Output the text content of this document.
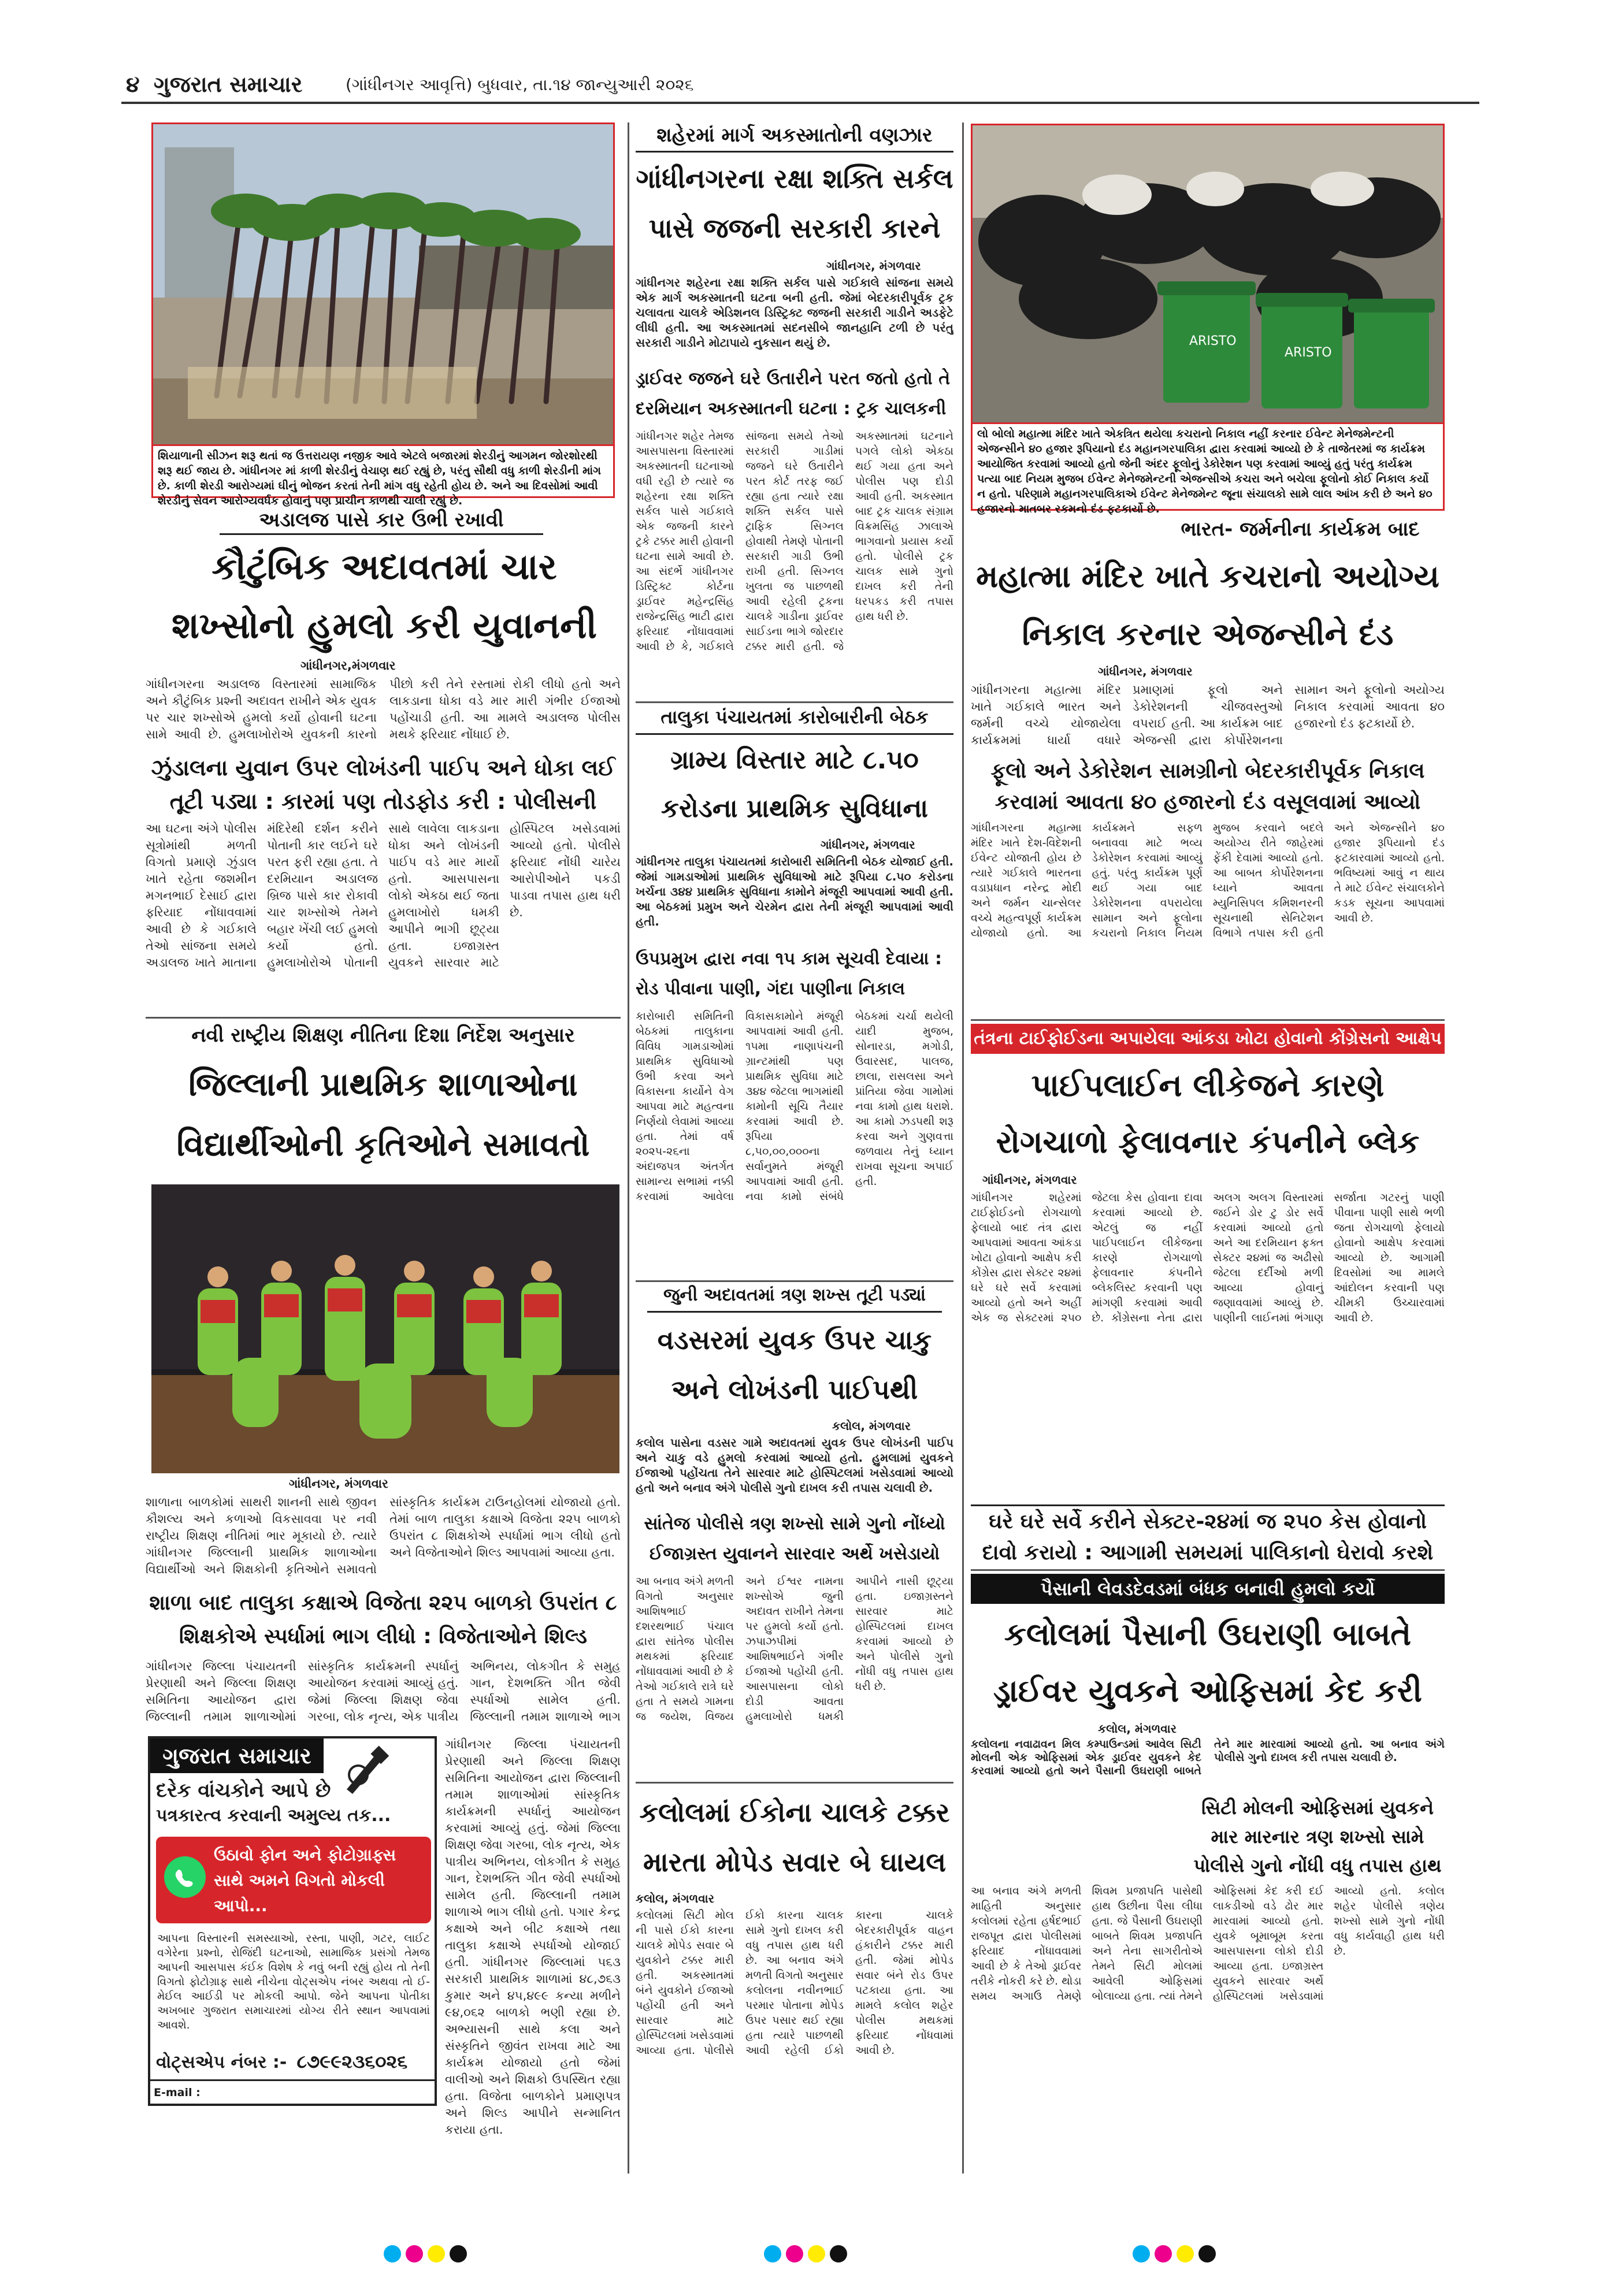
૪ ગુજરાત સમાચાર	(ગાંધીનગર આવૃત્તિ) બુધવાર, તા.૧૪ જાન્યુઆરી ૨૦૨૬
શિયાળાની સીઝન શરૂ થતાં જ ઉત્તરાયણ નજીક આવે એટલે બજારમાં શેરડીનું આગમન જોરશોરથી શરૂ થઈ જાય છે. ગાંધીનગર માં કાળી શેરડીનું વેચાણ થઈ રહ્યું છે, પરંતુ સૌથી વધુ કાળી શેરડીની માંગ છે. કાળી શેરડી આરોગ્યમાં ઘીનું ભોજન કરતાં તેની માંગ વધુ રહેતી હોય છે. અને આ દિવસોમાં આવી શેરડીનું સેવન આરોગ્યવર્ધક હોવાનું પણ પ્રાચીન કાળથી ચાલી રહ્યું છે.
અડાલજ પાસે કાર ઉભી રખાવી
કૌટુંબિક અદાવતમાં ચાર શખ્સોનો હુમલો કરી યુવાનની
ગાંધીનગર,મંગળવાર
ગાંધીનગરના અડાલજ વિસ્તારમાં સામાજિક અને કૌટુંબિક પ્રશ્ની અદાવત રાખીને એક યુવક પર ચાર શખ્સોએ હુમલો કર્યો હોવાની ઘટના સામે આવી છે. હુમલાખોરોએ યુવકની કારનો પીછો કરી તેને રસ્તામાં રોકી લીધો હતો અને લાકડાના ધોકા વડે માર મારી ગંભીર ઈજાઓ પહોંચાડી હતી. આ મામલે અડાલજ પોલીસ મથકે ફરિયાદ નોંધાઈ છે.
ઝુંડાલના યુવાન ઉપર લોખંડની પાઈપ અને ધોકા લઈ તૂટી પડ્યા : કારમાં પણ તોડફોડ કરી : પોલીસની
આ ઘટના અંગે પોલીસ સૂત્રોમાંથી મળતી વિગતો પ્રમાણે ઝુંડાલ ખાતે રહેતા જશમીન મગનભાઈ દેસાઈ દ્વારા ફરિયાદ નોંધાવવામાં આવી છે કે ગઈકાલે તેઓ સાંજના સમયે અડાલજ ખાતે માતાના મંદિરેથી દર્શન કરીને પોતાની કાર લઈને ઘરે પરત ફરી રહ્યા હતા. તે દરમિયાન અડાલજ બ્રિજ પાસે કાર રોકાવી ચાર શખ્સોએ તેમને બહાર ખેંચી લઈ હુમલો કર્યો હતો. હુમલાખોરોએ પોતાની સાથે લાવેલા લાકડાના ધોકા અને લોખંડની પાઈપ વડે માર માર્યો હતો. આસપાસના લોકો એકઠા થઈ જતા હુમલાખોરો ધમકી આપીને ભાગી છૂટ્યા હતા. ઇજાગ્રસ્ત યુવકને સારવાર માટે હોસ્પિટલ ખસેડવામાં આવ્યો હતો. પોલીસે ફરિયાદ નોંધી ચારેય આરોપીઓને પકડી પાડવા તપાસ હાથ ધરી છે.
નવી રાષ્ટ્રીય શિક્ષણ નીતિના દિશા નિર્દેશ અનુસાર
જિલ્લાની પ્રાથમિક શાળાઓના વિદ્યાર્થીઓની કૃતિઓને સમાવતો
ગાંધીનગર, મંગળવાર
શાળાના બાળકોમાં સાથરી શાનની સાથે જીવન કૌશલ્ય અને કળાઓ વિકસાવવા પર નવી રાષ્ટ્રીય શિક્ષણ નીતિમાં ભાર મૂકાયો છે. ત્યારે ગાંધીનગર જિલ્લાની પ્રાથમિક શાળાઓના વિદ્યાર્થીઓ અને શિક્ષકોની કૃતિઓને સમાવતો સાંસ્કૃતિક કાર્યક્રમ ટાઉનહોલમાં યોજાયો હતો. તેમાં બાળ તાલુકા કક્ષાએ વિજેતા ૨૨૫ બાળકો ઉપરાંત ૮ શિક્ષકોએ સ્પર્ધામાં ભાગ લીધો હતો અને વિજેતાઓને શિલ્ડ આપવામાં આવ્યા હતા.
શાળા બાદ તાલુકા કક્ષાએ વિજેતા ૨૨૫ બાળકો ઉપરાંત ૮ શિક્ષકોએ સ્પર્ધામાં ભાગ લીધો : વિજેતાઓને શિલ્ડ
ગાંધીનગર જિલ્લા પંચાયતની પ્રેરણાથી અને જિલ્લા શિક્ષણ સમિતિના આયોજન દ્વારા જિલ્લાની તમામ શાળાઓમાં સાંસ્કૃતિક કાર્યક્રમની સ્પર્ધાનું આયોજન કરવામાં આવ્યું હતું. જેમાં જિલ્લા શિક્ષણ જેવા ગરબા, લોક નૃત્ય, એક પાત્રીય અભિનય, લોકગીત કે સમુહ ગાન, દેશભક્તિ ગીત જેવી સ્પર્ધાઓ સામેલ હતી. જિલ્લાની તમામ શાળાએ ભાગ
ગાંધીનગર જિલ્લા પંચાયતની પ્રેરણાથી અને જિલ્લા શિક્ષણ સમિતિના આયોજન દ્વારા જિલ્લાની તમામ શાળાઓમાં સાંસ્કૃતિક કાર્યક્રમની સ્પર્ધાનું આયોજન કરવામાં આવ્યું હતું. જેમાં જિલ્લા શિક્ષણ જેવા ગરબા, લોક નૃત્ય, એક પાત્રીય અભિનય, લોકગીત કે સમુહ ગાન, દેશભક્તિ ગીત જેવી સ્પર્ધાઓ સામેલ હતી. જિલ્લાની તમામ શાળાએ ભાગ લીધો હતો. પગાર કેન્દ્ર કક્ષાએ અને બીટ કક્ષાએ તથા તાલુકા કક્ષાએ સ્પર્ધાઓ યોજાઈ હતી. ગાંધીનગર જિલ્લામાં ૫૬૩ સરકારી પ્રાથમિક શાળામાં ૪૮,૭૬૩ કુમાર અને ૪૫,૪૯૯ કન્યા મળીને ૯૪,૦૬૨ બાળકો ભણી રહ્યા છે. અભ્યાસની સાથે કલા અને સંસ્કૃતિને જીવંત રાખવા માટે આ કાર્યક્રમ યોજાયો હતો જેમાં વાલીઓ અને શિક્ષકો ઉપસ્થિત રહ્યા હતા. વિજેતા બાળકોને પ્રમાણપત્ર અને શિલ્ડ આપીને સન્માનિત કરાયા હતા.
ગુજરાત સમાચાર
દરેક વાંચકોને આપે છે
પત્રકારત્વ કરવાની અમુલ્ય તક...
ઉઠાવો ફોન અને ફોટોગ્રાફ્સ સાથે અમને વિગતો મોકલી આપો...
આપના વિસ્તારની સમસ્યાઓ, રસ્તા, પાણી, ગટર, લાઈટ વગેરેના પ્રશ્નો, રોજિંદી ઘટનાઓ, સામાજિક પ્રસંગો તેમજ આપની આસપાસ કંઈક વિશેષ કે નવું બની રહ્યું હોય તો તેની વિગતો ફોટોગ્રાફ સાથે નીચેના વોટ્સએપ નંબર અથવા તો ઈ-મેઈલ આઈડી પર મોકલી આપો. જેને આપના પોતીકા અખબાર ગુજરાત સમાચારમાં યોગ્ય રીતે સ્થાન આપવામાં આવશે.
વોટ્સએપ નંબર :- ૮૭૯૯૨૩૬૦૨૬
E-mail :
શહેરમાં માર્ગ અકસ્માતોની વણઝાર
ગાંધીનગરના રક્ષા શક્તિ સર્કલ પાસે જજની સરકારી કારને
ગાંધીનગર, મંગળવાર
ગાંધીનગર શહેરના રક્ષા શક્તિ સર્કલ પાસે ગઈકાલે સાંજના સમયે એક માર્ગ અકસ્માતની ઘટના બની હતી. જેમાં બેદરકારીપૂર્વક ટ્રક ચલાવતા ચાલકે એડિશનલ ડિસ્ટ્રિક્ટ જજની સરકારી ગાડીને અડફેટે લીધી હતી. આ અકસ્માતમાં સદનસીબે જાનહાનિ ટળી છે પરંતુ સરકારી ગાડીને મોટાપાયે નુકસાન થયું છે.
ડ્રાઈવર જજને ઘરે ઉતારીને પરત જતો હતો તે દરમિયાન અકસ્માતની ઘટના : ટ્રક ચાલકની
ગાંધીનગર શહેર તેમજ આસપાસના વિસ્તારમાં અકસ્માતની ઘટનાઓ વધી રહી છે ત્યારે જ શહેરના રક્ષા શક્તિ સર્કલ પાસે ગઈકાલે એક જજની કારને ટ્રકે ટક્કર મારી હોવાની ઘટના સામે આવી છે. આ સંદર્ભે ગાંધીનગર ડિસ્ટ્રિક્ટ કોર્ટના ડ્રાઈવર મહેન્દ્રસિંહ રાજેન્દ્રસિંહ ભાટી દ્વારા ફરિયાદ નોંધાવવામાં આવી છે કે, ગઈકાલે સાંજના સમયે તેઓ સરકારી ગાડીમાં જજને ઘરે ઉતારીને પરત કોર્ટ તરફ જઈ રહ્યા હતા ત્યારે રક્ષા શક્તિ સર્કલ પાસે ટ્રાફિક સિગ્નલ હોવાથી તેમણે પોતાની સરકારી ગાડી ઉભી રાખી હતી. સિગ્નલ ખુલતા જ પાછળથી આવી રહેલી ટ્રકના ચાલકે ગાડીના ડ્રાઈવર સાઈડના ભાગે જોરદાર ટક્કર મારી હતી. જે અકસ્માતમાં ઘટનાને પગલે લોકો એકઠા થઈ ગયા હતા અને પોલીસ પણ દોડી આવી હતી. અકસ્માત બાદ ટ્રક ચાલક સંગ્રામ વિક્રમસિંહ ઝાલાએ ભાગવાનો પ્રયાસ કર્યો હતો. પોલીસે ટ્રક ચાલક સામે ગુનો દાખલ કરી તેની ધરપકડ કરી તપાસ હાથ ધરી છે.
તાલુકા પંચાયતમાં કારોબારીની બેઠક
ગ્રામ્ય વિસ્તાર માટે ૮.૫૦ કરોડના પ્રાથમિક સુવિધાના
ગાંધીનગર, મંગળવાર
ગાંધીનગર તાલુકા પંચાયતમાં કારોબારી સમિતિની બેઠક યોજાઈ હતી. જેમાં ગામડાઓમાં પ્રાથમિક સુવિધાઓ માટે રૂપિયા ૮.૫૦ કરોડના ખર્ચના ૩૪૪ પ્રાથમિક સુવિધાના કામોને મંજૂરી આપવામાં આવી હતી. આ બેઠકમાં પ્રમુખ અને ચેરમેન દ્વારા તેની મંજૂરી આપવામાં આવી હતી.
ઉપપ્રમુખ દ્વારા નવા ૧૫ કામ સૂચવી દેવાયા : રોડ પીવાના પાણી, ગંદા પાણીના નિકાલ
કારોબારી સમિતિની બેઠકમાં તાલુકાના વિવિધ ગામડાઓમાં પ્રાથમિક સુવિધાઓ ઉભી કરવા અને વિકાસના કાર્યોને વેગ આપવા માટે મહત્વના નિર્ણયો લેવામાં આવ્યા હતા. તેમાં વર્ષ ૨૦૨૫-૨૬ના અંદાજપત્ર અંતર્ગત સામાન્ય સભામાં નક્કી કરવામાં આવેલા વિકાસકામોને મંજૂરી આપવામાં આવી હતી. ૧૫મા નાણાપંચની ગ્રાન્ટમાંથી પણ પ્રાથમિક સુવિધા માટે ૩૪૪ જેટલા ભાગમાંથી કામોની સૂચિ તૈયાર કરવામાં આવી છે. રૂપિયા ૮,૫૦,૦૦,૦૦૦ના સર્વાનુમતે મંજૂરી આપવામાં આવી હતી. નવા કામો સંબંધે બેઠકમાં ચર્ચા થયેલી યાદી મુજબ, સોનારડા, મગોડી, ઉવારસદ, પાલજ, છાલા, રાસલસા અને પ્રાંતિયા જેવા ગામોમાં નવા કામો હાથ ધરાશે. આ કામો ઝડપથી શરૂ કરવા અને ગુણવત્તા જળવાય તેનું ધ્યાન રાખવા સૂચના અપાઈ હતી.
જુની અદાવતમાં ત્રણ શખ્સ તૂટી પડ્યાં
વડસરમાં યુવક ઉપર ચાકુ અને લોખંડની પાઈપથી
કલોલ, મંગળવાર
કલોલ પાસેના વડસર ગામે અદાવતમાં યુવક ઉપર લોખંડની પાઈપ અને ચાકુ વડે હુમલો કરવામાં આવ્યો હતો. હુમલામાં યુવકને ઈજાઓ પહોંચતા તેને સારવાર માટે હોસ્પિટલમાં ખસેડવામાં આવ્યો હતો અને બનાવ અંગે પોલીસે ગુનો દાખલ કરી તપાસ ચલાવી છે.
સાંતેજ પોલીસે ત્રણ શખ્સો સામે ગુનો નોંધ્યો ઈજાગ્રસ્ત યુવાનને સારવાર અર્થે ખસેડાયો
આ બનાવ અંગે મળતી વિગતો અનુસાર આશિષભાઈ દશરથભાઈ પંચાલ દ્વારા સાંતેજ પોલીસ મથકમાં ફરિયાદ નોંધાવવામાં આવી છે કે તેઓ ગઈકાલે રાત્રે ઘરે હતા તે સમયે ગામના જ જયેશ, વિજય અને ઈશ્વર નામના શખ્સોએ જુની અદાવત રાખીને તેમના પર હુમલો કર્યો હતો. ઝપાઝપીમાં આશિષભાઈને ગંભીર ઈજાઓ પહોંચી હતી. આસપાસના લોકો દોડી આવતા હુમલાખોરો ધમકી આપીને નાસી છૂટ્યા હતા. ઇજાગ્રસ્તને સારવાર માટે હોસ્પિટલમાં દાખલ કરવામાં આવ્યો છે અને પોલીસે ગુનો નોંધી વધુ તપાસ હાથ ધરી છે.
કલોલમાં ઈકોના ચાલકે ટક્કર મારતા મોપેડ સવાર બે ઘાયલ
કલોલ, મંગળવાર
કલોલમાં સિટી મોલ ની પાસે ઈકો કારના ચાલકે મોપેડ સવાર બે યુવકોને ટક્કર મારી હતી. અકસ્માતમાં બંને યુવકોને ઈજાઓ પહોંચી હતી અને સારવાર માટે હોસ્પિટલમાં ખસેડવામાં આવ્યા હતા. પોલીસે ઈકો કારના ચાલક સામે ગુનો દાખલ કરી વધુ તપાસ હાથ ધરી છે. આ બનાવ અંગે મળતી વિગતો અનુસાર કલોલના નવીનભાઈ પરમાર પોતાના મોપેડ ઉપર પસાર થઈ રહ્યા હતા ત્યારે પાછળથી આવી રહેલી ઈકો કારના ચાલકે બેદરકારીપૂર્વક વાહન હંકારીને ટક્કર મારી હતી. જેમાં મોપેડ સવાર બંને રોડ ઉપર પટકાયા હતા. આ મામલે કલોલ શહેર પોલીસ મથકમાં ફરિયાદ નોંધવામાં આવી છે.
ARISTO
ARISTO
લો બોલો મહાત્મા મંદિર ખાતે એકત્રિત થયેલા કચરાનો નિકાલ નહીં કરનાર ઈવેન્ટ મેનેજમેન્ટની એજન્સીને ૪૦ હજાર રૂપિયાનો દંડ મહાનગરપાલિકા દ્વારા કરવામાં આવ્યો છે કે તાજેતરમાં જ કાર્યક્રમ આયોજિત કરવામાં આવ્યો હતો જેની અંદર ફૂલોનું ડેકોરેશન પણ કરવામાં આવ્યું હતું પરંતુ કાર્યક્રમ પત્યા બાદ નિયમ મુજબ ઈવેન્ટ મેનેજમેન્ટની એજન્સીએ કચરા અને બચેલા ફૂલોનો કોઈ નિકાલ કર્યો ન હતો. પરિણામે મહાનગરપાલિકાએ ઈવેન્ટ મેનેજમેન્ટ જૂના સંચાલકો સામે લાલ આંખ કરી છે અને ૪૦ હજારનો માતબર રકમનો દંડ ફટકાર્યો છે.
ભારત- જર્મનીના કાર્યક્રમ બાદ
મહાત્મા મંદિર ખાતે કચરાનો અયોગ્ય નિકાલ કરનાર એજન્સીને દંડ
ગાંધીનગર, મંગળવાર
ગાંધીનગરના મહાત્મા મંદિર ખાતે ગઈકાલે ભારત અને જર્મની વચ્ચે યોજાયેલા કાર્યક્રમમાં ધાર્યા વધારે પ્રમાણમાં ફૂલો અને ડેકોરેશનની ચીજવસ્તુઓ વપરાઈ હતી. આ કાર્યક્રમ બાદ એજન્સી દ્વારા કોર્પોરેશનના સામાન અને ફૂલોનો અયોગ્ય નિકાલ કરવામાં આવતા ૪૦ હજારનો દંડ ફટકાર્યો છે.
ફૂલો અને ડેકોરેશન સામગ્રીનો બેદરકારીપૂર્વક નિકાલ કરવામાં આવતા ૪૦ હજારનો દંડ વસૂલવામાં આવ્યો
ગાંધીનગરના મહાત્મા મંદિર ખાતે દેશ-વિદેશની ઈવેન્ટ યોજાતી હોય છે ત્યારે ગઈકાલે ભારતના વડાપ્રધાન નરેન્દ્ર મોદી અને જર્મન ચાન્સેલર વચ્ચે મહત્વપૂર્ણ કાર્યક્રમ યોજાયો હતો. આ કાર્યક્રમને સફળ બનાવવા માટે ભવ્ય ડેકોરેશન કરવામાં આવ્યું હતું. પરંતુ કાર્યક્રમ પૂર્ણ થઈ ગયા બાદ ડેકોરેશનના વપરાયેલા સામાન અને ફૂલોના કચરાનો નિકાલ નિયમ મુજબ કરવાને બદલે અયોગ્ય રીતે જાહેરમાં ફેંકી દેવામાં આવ્યો હતો. આ બાબત કોર્પોરેશનના ધ્યાને આવતા મ્યુનિસિપલ કમિશનરની સૂચનાથી સેનિટેશન વિભાગે તપાસ કરી હતી અને એજન્સીને ૪૦ હજાર રૂપિયાનો દંડ ફટકારવામાં આવ્યો હતો. ભવિષ્યમાં આવું ન થાય તે માટે ઈવેન્ટ સંચાલકોને કડક સૂચના આપવામાં આવી છે.
તંત્રના ટાઈફોઈડના અપાયેલા આંકડા ખોટા હોવાનો કોંગ્રેસનો આક્ષેપ
પાઈપલાઈન લીકેજને કારણે રોગચાળો ફેલાવનાર કંપનીને બ્લેક
ગાંધીનગર, મંગળવાર
ગાંધીનગર શહેરમાં ટાઈફોઈડનો રોગચાળો ફેલાયો બાદ તંત્ર દ્વારા આપવામાં આવતા આંકડા ખોટા હોવાનો આક્ષેપ કરી કોંગ્રેસ દ્વારા સેક્ટર ૨૪માં ઘરે ઘરે સર્વે કરવામાં આવ્યો હતો અને અહીં એક જ સેક્ટરમાં ૨૫૦ જેટલા કેસ હોવાના દાવા કરવામાં આવ્યો છે. એટલું જ નહીં પાઈપલાઈન લીકેજના કારણે રોગચાળો ફેલાવનાર કંપનીને બ્લેકલિસ્ટ કરવાની પણ માંગણી કરવામાં આવી છે. કોંગ્રેસના નેતા દ્વારા અલગ અલગ વિસ્તારમાં જઈને ડોર ટુ ડોર સર્વે કરવામાં આવ્યો હતો અને આ દરમિયાન ફક્ત સેક્ટર ૨૪માં જ અઢીસો જેટલા દર્દીઓ મળી આવ્યા હોવાનું જણાવવામાં આવ્યું છે. પાણીની લાઈનમાં ભંગાણ સર્જાતા ગટરનું પાણી પીવાના પાણી સાથે ભળી જતા રોગચાળો ફેલાયો હોવાનો આક્ષેપ કરવામાં આવ્યો છે. આગામી દિવસોમાં આ મામલે આંદોલન કરવાની પણ ચીમકી ઉચ્ચારવામાં આવી છે.
ઘરે ઘરે સર્વે કરીને સેક્ટર-૨૪માં જ ૨૫૦ કેસ હોવાનો દાવો કરાયો : આગામી સમયમાં પાલિકાનો ઘેરાવો કરશે
પૈસાની લેવડદેવડમાં બંધક બનાવી હુમલો કર્યો
કલોલમાં પૈસાની ઉઘરાણી બાબતે ડ્રાઈવર યુવકને ઓફિસમાં કેદ કરી
કલોલ, મંગળવાર
કલોલના નવાઢાવન મિલ કમ્પાઉન્ડમાં આવેલ સિટી મોલની એક ઓફિસમાં એક ડ્રાઈવર યુવકને કેદ કરવામાં આવ્યો હતો અને પૈસાની ઉઘરાણી બાબતે તેને માર મારવામાં આવ્યો હતો. આ બનાવ અંગે પોલીસે ગુનો દાખલ કરી તપાસ ચલાવી છે.
સિટી મોલની ઓફિસમાં યુવકને માર મારનાર ત્રણ શખ્સો સામે પોલીસે ગુનો નોંધી વધુ તપાસ હાથ
આ બનાવ અંગે મળતી માહિતી અનુસાર કલોલમાં રહેતા હર્ષદભાઈ રાજપૂત દ્વારા પોલીસમાં ફરિયાદ નોંધાવવામાં આવી છે કે તેઓ ડ્રાઈવર તરીકે નોકરી કરે છે. થોડા સમય અગાઉ તેમણે શિવમ પ્રજાપતિ પાસેથી હાથ ઉછીના પૈસા લીધા હતા. જે પૈસાની ઉઘરાણી બાબતે શિવમ પ્રજાપતિ અને તેના સાગરીતોએ તેમને સિટી મોલમાં આવેલી ઓફિસમાં બોલાવ્યા હતા. ત્યાં તેમને ઓફિસમાં કેદ કરી દઈ લાકડીઓ વડે ઢોર માર મારવામાં આવ્યો હતો. યુવકે બૂમાબૂમ કરતા આસપાસના લોકો દોડી આવ્યા હતા. ઇજાગ્રસ્ત યુવકને સારવાર અર્થે હોસ્પિટલમાં ખસેડવામાં આવ્યો હતો. કલોલ શહેર પોલીસે ત્રણેય શખ્સો સામે ગુનો નોંધી વધુ કાર્યવાહી હાથ ધરી છે.
